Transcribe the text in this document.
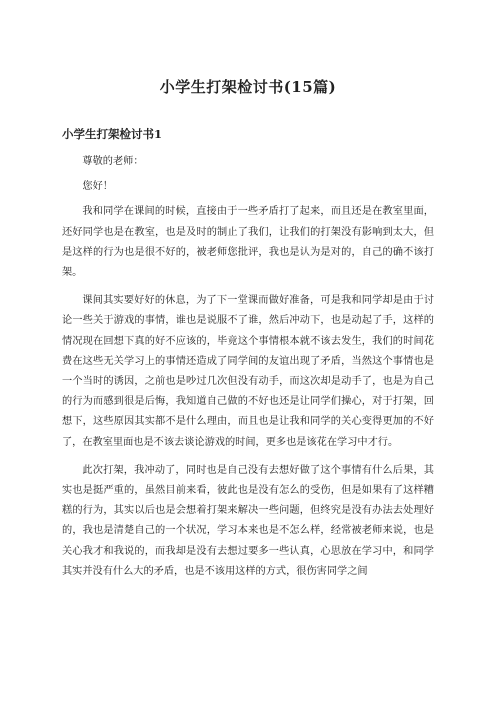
小学生打架检讨书(15篇)
小学生打架检讨书1

尊敬的老师：

您好！

我和同学在课间的时候，直接由于一些矛盾打了起来，而且还是在教室里面，还好同学也是在教室，也是及时的制止了我们，让我们的打架没有影响到太大，但是这样的行为也是很不好的，被老师您批评，我也是认为是对的，自己的确不该打架。

课间其实要好好的休息，为了下一堂课而做好准备，可是我和同学却是由于讨论一些关于游戏的事情，谁也是说服不了谁，然后冲动下，也是动起了手，这样的情况现在回想下真的好不应该的，毕竟这个事情根本就不该去发生，我们的时间花费在这些无关学习上的事情还造成了同学间的友谊出现了矛盾，当然这个事情也是一个当时的诱因，之前也是吵过几次但没有动手，而这次却是动手了，也是为自己的行为而感到很是后悔，我知道自己做的不好也还是让同学们操心，对于打架，回想下，这些原因其实都不是什么理由，而且也是让我和同学的关心变得更加的不好了，在教室里面也是不该去谈论游戏的时间，更多也是该花在学习中才行。

此次打架，我冲动了，同时也是自己没有去想好做了这个事情有什么后果，其实也是挺严重的，虽然目前来看，彼此也是没有怎么的受伤，但是如果有了这样糟糕的行为，其实以后也是会想着打架来解决一些问题，但终究是没有办法去处理好的，我也是清楚自己的一个状况，学习本来也是不怎么样，经常被老师来说，也是关心我才和我说的，而我却是没有去想过要多一些认真，心思放在学习中，和同学其实并没有什么大的矛盾，也是不该用这样的方式，很伤害同学之间
